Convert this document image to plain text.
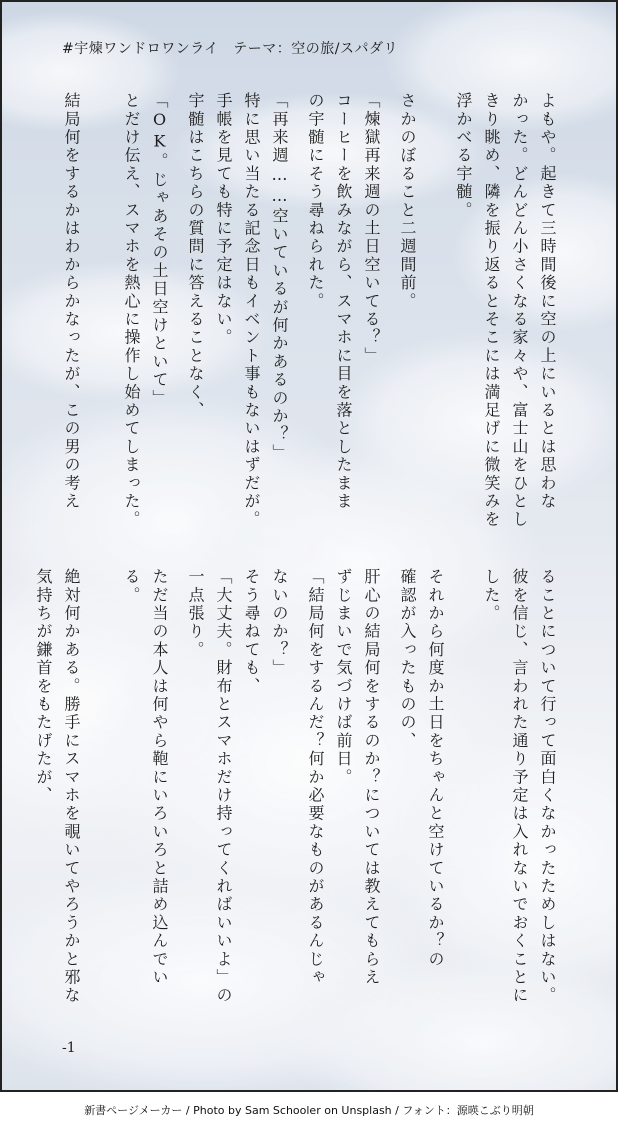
#宇煉ワンドロワンライ　テーマ：空の旅/スパダリ
よもや。起きて三時間後に空の上にいるとは思わな
かった。どんどん小さくなる家々や、富士山をひとし
きり眺め、隣を振り返るとそこには満足げに微笑みを
浮かべる宇髄。
さかのぼること二週間前。
「煉獄再来週の土日空いてる？」
コーヒーを飲みながら、スマホに目を落としたまま
の宇髄にそう尋ねられた。
「再来週……空いているが何かあるのか？」
特に思い当たる記念日もイベント事もないはずだが。
手帳を見ても特に予定はない。
宇髄はこちらの質問に答えることなく、
「OK。じゃあその土日空けといて」
とだけ伝え、スマホを熱心に操作し始めてしまった。
結局何をするかはわからかなったが、この男の考え
ることについて行って面白くなかったためしはない。
彼を信じ、言われた通り予定は入れないでおくことに
した。
それから何度か土日をちゃんと空けているか？の
確認が入ったものの、
肝心の結局何をするのか？については教えてもらえ
ずじまいで気づけば前日。
「結局何をするんだ？何か必要なものがあるんじゃ
ないのか？」
そう尋ねても、
「大丈夫。財布とスマホだけ持ってくればいいよ」の
一点張り。
ただ当の本人は何やら鞄にいろいろと詰め込んでい
る。
絶対何かある。勝手にスマホを覗いてやろうかと邪な
気持ちが鎌首をもたげたが、
-1
新書ページメーカー / Photo by Sam Schooler on Unsplash / フォント：源暎こぶり明朝
